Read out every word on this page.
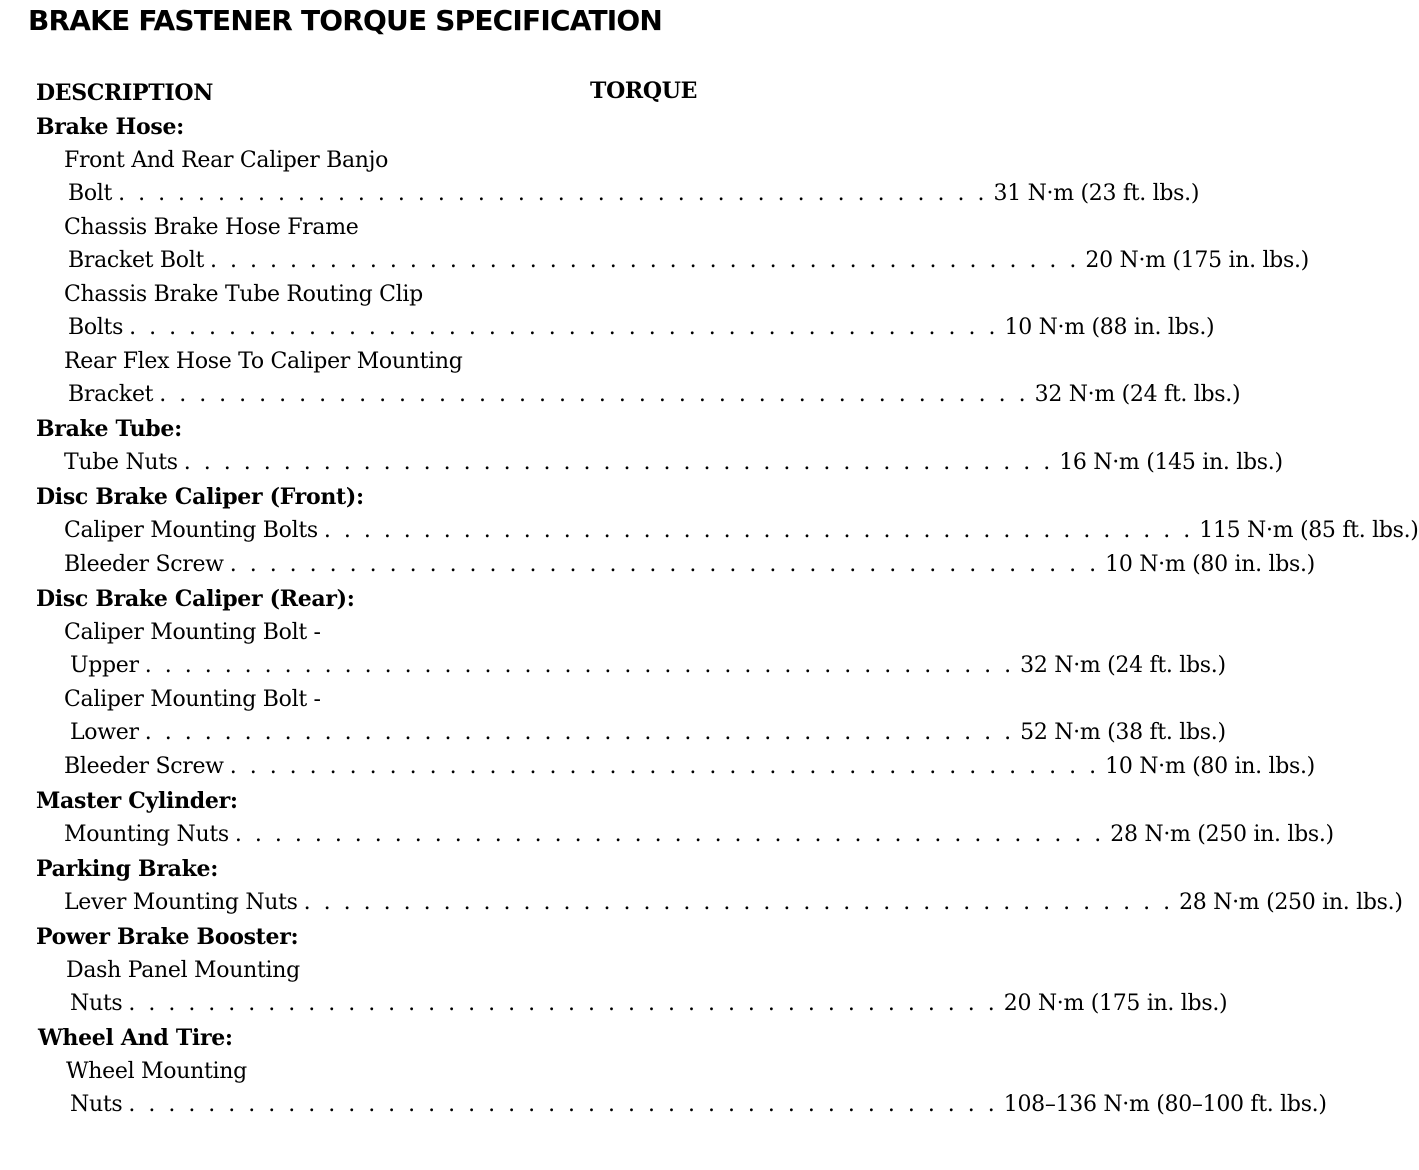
BRAKE FASTENER TORQUE SPECIFICATION
DESCRIPTION	TORQUE
Brake Hose:
Front And Rear Caliper Banjo
Bolt . . . . . . . . . . . . . . . . . . . . . . . . . . . . . . . . . . . . . . . . . . . . 31 N·m (23 ft. lbs.)
Chassis Brake Hose Frame
Bracket Bolt . . . . . . . . . . . . . . . . . . . . . . . . . . . . . . . . . . . . . . . . . . . . 20 N·m (175 in. lbs.)
Chassis Brake Tube Routing Clip
Bolts . . . . . . . . . . . . . . . . . . . . . . . . . . . . . . . . . . . . . . . . . . . . 10 N·m (88 in. lbs.)
Rear Flex Hose To Caliper Mounting
Bracket . . . . . . . . . . . . . . . . . . . . . . . . . . . . . . . . . . . . . . . . . . . . 32 N·m (24 ft. lbs.)
Brake Tube:
Tube Nuts . . . . . . . . . . . . . . . . . . . . . . . . . . . . . . . . . . . . . . . . . . . . 16 N·m (145 in. lbs.)
Disc Brake Caliper (Front):
Caliper Mounting Bolts . . . . . . . . . . . . . . . . . . . . . . . . . . . . . . . . . . . . . . . . . . . . 115 N·m (85 ft. lbs.)
Bleeder Screw . . . . . . . . . . . . . . . . . . . . . . . . . . . . . . . . . . . . . . . . . . . . 10 N·m (80 in. lbs.)
Disc Brake Caliper (Rear):
Caliper Mounting Bolt -
Upper . . . . . . . . . . . . . . . . . . . . . . . . . . . . . . . . . . . . . . . . . . . . 32 N·m (24 ft. lbs.)
Caliper Mounting Bolt -
Lower . . . . . . . . . . . . . . . . . . . . . . . . . . . . . . . . . . . . . . . . . . . . 52 N·m (38 ft. lbs.)
Bleeder Screw . . . . . . . . . . . . . . . . . . . . . . . . . . . . . . . . . . . . . . . . . . . . 10 N·m (80 in. lbs.)
Master Cylinder:
Mounting Nuts . . . . . . . . . . . . . . . . . . . . . . . . . . . . . . . . . . . . . . . . . . . . 28 N·m (250 in. lbs.)
Parking Brake:
Lever Mounting Nuts . . . . . . . . . . . . . . . . . . . . . . . . . . . . . . . . . . . . . . . . . . . . 28 N·m (250 in. lbs.)
Power Brake Booster:
Dash Panel Mounting
Nuts . . . . . . . . . . . . . . . . . . . . . . . . . . . . . . . . . . . . . . . . . . . . 20 N·m (175 in. lbs.)
Wheel And Tire:
Wheel Mounting
Nuts . . . . . . . . . . . . . . . . . . . . . . . . . . . . . . . . . . . . . . . . . . . . 108–136 N·m (80–100 ft. lbs.)
